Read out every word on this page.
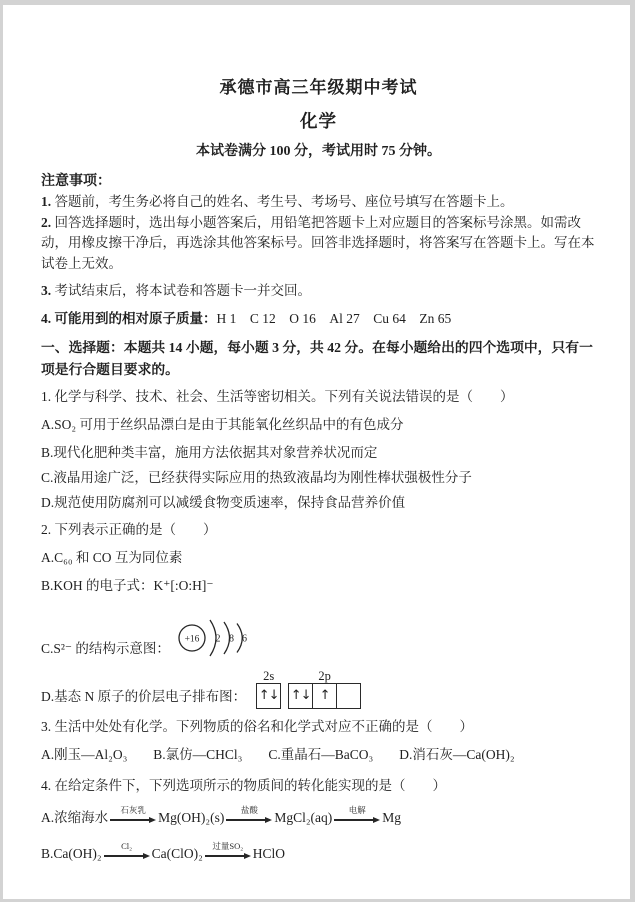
承德市高三年级期中考试
化学
本试卷满分 100 分，考试用时 75 分钟。
注意事项：

1. 答题前，考生务必将自己的姓名、考生号、考场号、座位号填写在答题卡上。

2. 回答选择题时，选出每小题答案后，用铅笔把答题卡上对应题目的答案标号涂黑。如需改动，用橡皮擦干净后，再选涂其他答案标号。回答非选择题时，将答案写在答题卡上。写在本试卷上无效。

3. 考试结束后，将本试卷和答题卡一并交回。

4. 可能用到的相对原子质量：H 1　C 12　O 16　Al 27　Cu 64　Zn 65

一、选择题：本题共 14 小题，每小题 3 分，共 42 分。在每小题给出的四个选项中，只有一项是行合题目要求的。

1. 化学与科学、技术、社会、生活等密切相关。下列有关说法错误的是（　　）

A.SO₂ 可用于丝织品漂白是由于其能氧化丝织品中的有色成分

B.现代化肥种类丰富，施用方法依据其对象营养状况而定

C.液晶用途广泛，已经获得实际应用的热致液晶均为刚性棒状强极性分子

D.规范使用防腐剂可以减缓食物变质速率，保持食品营养价值

2. 下列表示正确的是（　　）

A.C₆₀ 和 CO 互为同位素

B.KOH 的电子式：K⁺[:O:H]⁻

C.S²⁻ 的结构示意图：
+16 2 8 6
D.基态 N 原子的价层电子排布图：
2s
↑↓
2p
↑↓ ↑

3. 生活中处处有化学。下列物质的俗名和化学式对应不正确的是（　　）

A.刚玉—Al₂O₃ B.氯仿—CHCl₃ C.重晶石—BaCO₃ D.消石灰—Ca(OH)₂

4. 在给定条件下，下列选项所示的物质间的转化能实现的是（　　）

A.浓缩海水	石灰乳 Mg(OH)₂(s)	盐酸 MgCl₂(aq)	电解 Mg
B.Ca(OH)₂	Cl₂ Ca(ClO)₂	过量SO₂ HClO
